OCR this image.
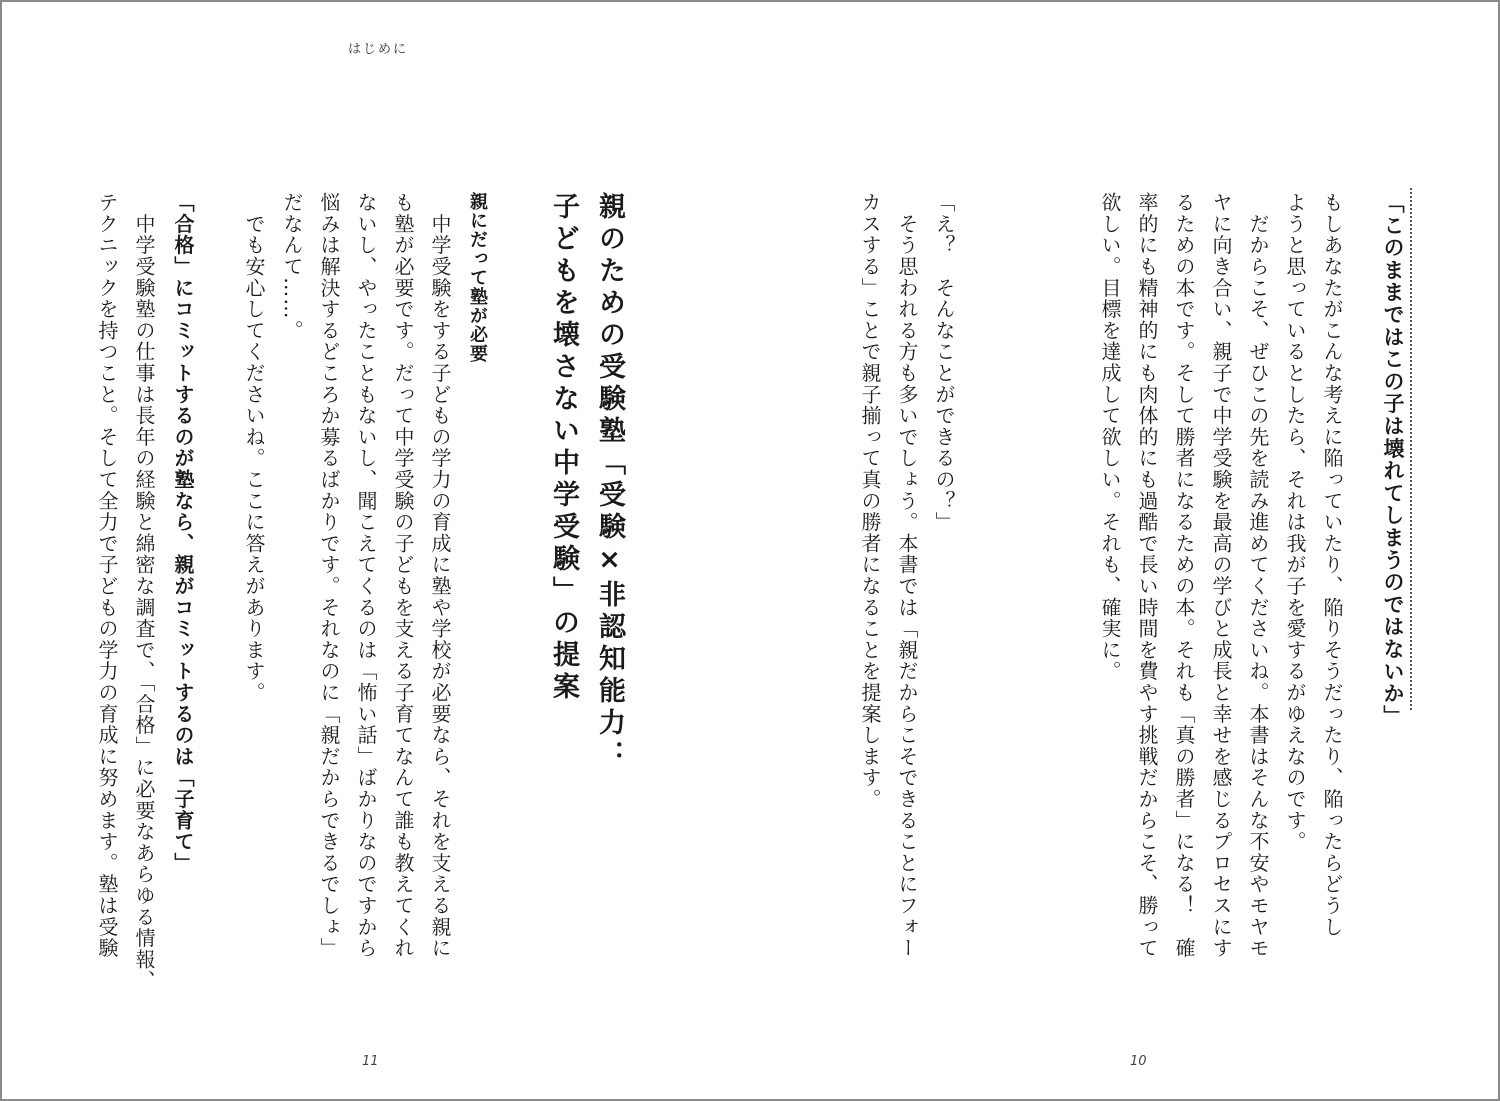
はじめに
「このままではこの子は壊れてしまうのではないか」
もしあなたがこんな考えに陥っていたり、陥りそうだったり、陥ったらどうし
ようと思っているとしたら、それは我が子を愛するがゆえなのです。
　だからこそ、ぜひこの先を読み進めてくださいね。本書はそんな不安やモヤモ
ヤに向き合い、親子で中学受験を最高の学びと成長と幸せを感じるプロセスにす
るための本です。そして勝者になるための本。それも「真の勝者」になる！　確
率的にも精神的にも肉体的にも過酷で長い時間を費やす挑戦だからこそ、勝って
欲しい。目標を達成して欲しい。それも、確実に。
「え？　そんなことができるの？」
　そう思われる方も多いでしょう。本書では「親だからこそできることにフォー
カスする」ことで親子揃って真の勝者になることを提案します。
10
親のための受験塾「受験×非認知能力：
子どもを壊さない中学受験」の提案
親にだって塾が必要
　中学受験をする子どもの学力の育成に塾や学校が必要なら、それを支える親に
も塾が必要です。だって中学受験の子どもを支える子育てなんて誰も教えてくれ
ないし、やったこともないし、聞こえてくるのは「怖い話」ばかりなのですから
悩みは解決するどころか募るばかりです。それなのに「親だからできるでしょ」
だなんて……。
　でも安心してくださいね。ここに答えがあります。
「合格」にコミットするのが塾なら、親がコミットするのは「子育て」
　中学受験塾の仕事は長年の経験と綿密な調査で、「合格」に必要なあらゆる情報、
テクニックを持つこと。そして全力で子どもの学力の育成に努めます。塾は受験
11
